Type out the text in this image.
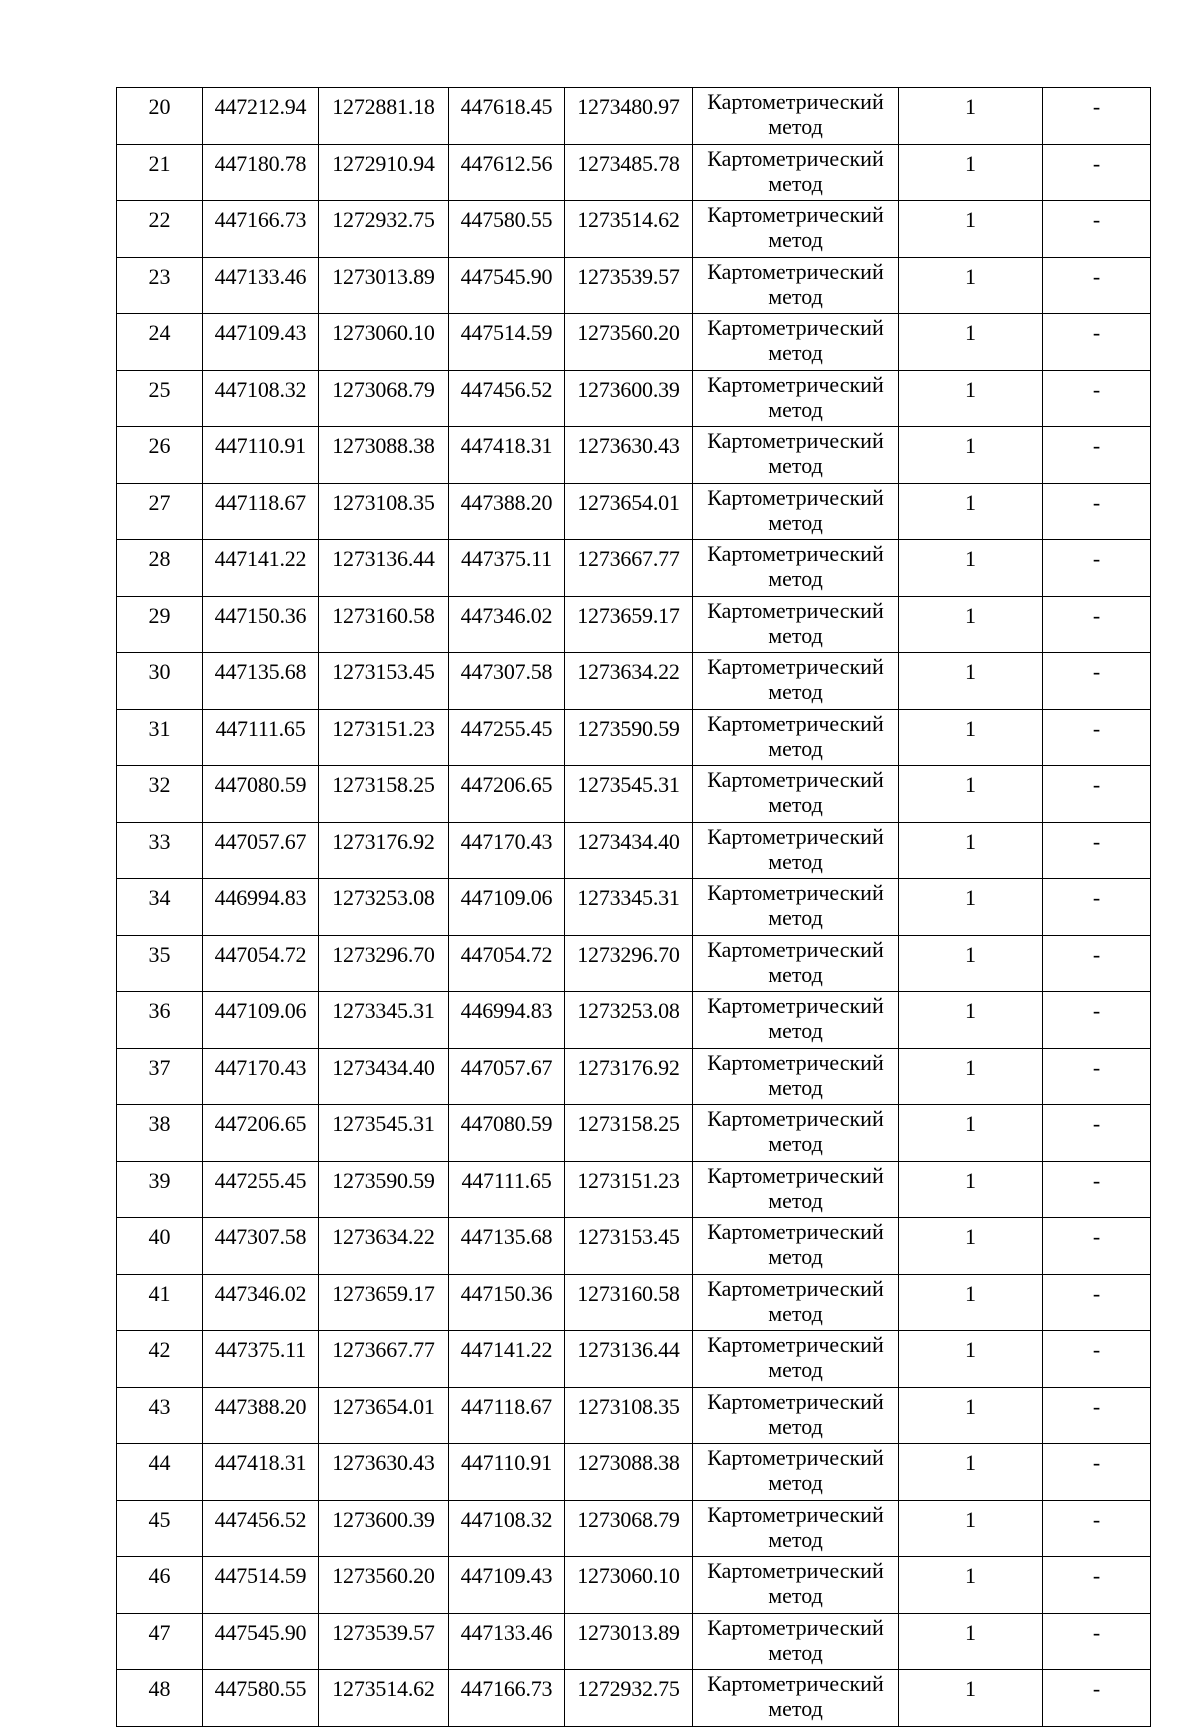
20	447212.94	1272881.18	447618.45	1273480.97	Картометрический
метод	1	-
21	447180.78	1272910.94	447612.56	1273485.78	Картометрический
метод	1	-
22	447166.73	1272932.75	447580.55	1273514.62	Картометрический
метод	1	-
23	447133.46	1273013.89	447545.90	1273539.57	Картометрический
метод	1	-
24	447109.43	1273060.10	447514.59	1273560.20	Картометрический
метод	1	-
25	447108.32	1273068.79	447456.52	1273600.39	Картометрический
метод	1	-
26	447110.91	1273088.38	447418.31	1273630.43	Картометрический
метод	1	-
27	447118.67	1273108.35	447388.20	1273654.01	Картометрический
метод	1	-
28	447141.22	1273136.44	447375.11	1273667.77	Картометрический
метод	1	-
29	447150.36	1273160.58	447346.02	1273659.17	Картометрический
метод	1	-
30	447135.68	1273153.45	447307.58	1273634.22	Картометрический
метод	1	-
31	447111.65	1273151.23	447255.45	1273590.59	Картометрический
метод	1	-
32	447080.59	1273158.25	447206.65	1273545.31	Картометрический
метод	1	-
33	447057.67	1273176.92	447170.43	1273434.40	Картометрический
метод	1	-
34	446994.83	1273253.08	447109.06	1273345.31	Картометрический
метод	1	-
35	447054.72	1273296.70	447054.72	1273296.70	Картометрический
метод	1	-
36	447109.06	1273345.31	446994.83	1273253.08	Картометрический
метод	1	-
37	447170.43	1273434.40	447057.67	1273176.92	Картометрический
метод	1	-
38	447206.65	1273545.31	447080.59	1273158.25	Картометрический
метод	1	-
39	447255.45	1273590.59	447111.65	1273151.23	Картометрический
метод	1	-
40	447307.58	1273634.22	447135.68	1273153.45	Картометрический
метод	1	-
41	447346.02	1273659.17	447150.36	1273160.58	Картометрический
метод	1	-
42	447375.11	1273667.77	447141.22	1273136.44	Картометрический
метод	1	-
43	447388.20	1273654.01	447118.67	1273108.35	Картометрический
метод	1	-
44	447418.31	1273630.43	447110.91	1273088.38	Картометрический
метод	1	-
45	447456.52	1273600.39	447108.32	1273068.79	Картометрический
метод	1	-
46	447514.59	1273560.20	447109.43	1273060.10	Картометрический
метод	1	-
47	447545.90	1273539.57	447133.46	1273013.89	Картометрический
метод	1	-
48	447580.55	1273514.62	447166.73	1272932.75	Картометрический
метод	1	-
